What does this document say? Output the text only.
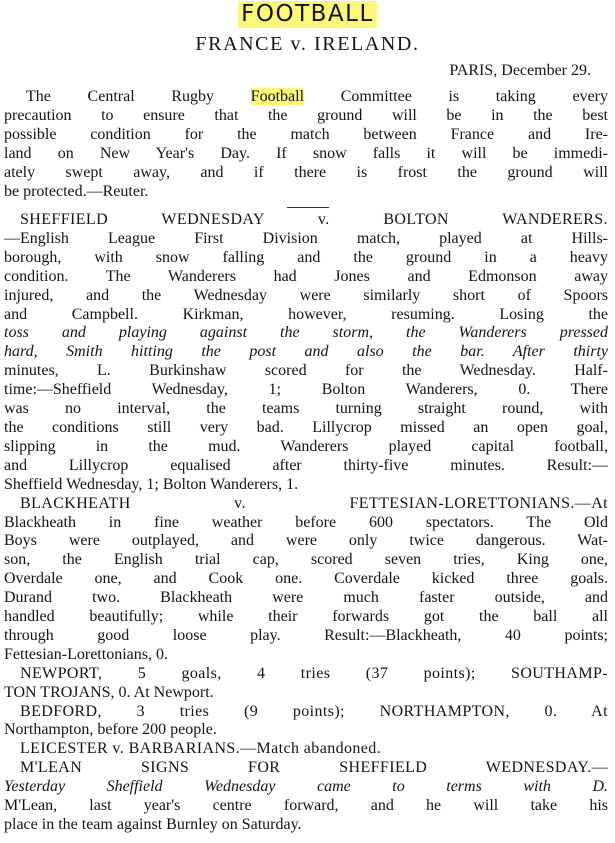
FOOTBALL
FRANCE v. IRELAND.
PARIS, December 29.
The Central Rugby Football Committee is taking every
precaution to ensure that the ground will be in the best
possible condition for the match between France and Ire-
land on New Year's Day. If snow falls it will be immedi-
ately swept away, and if there is frost the ground will
be protected.—Reuter.
SHEFFIELD WEDNESDAY v. BOLTON WANDERERS.
—English League First Division match, played at Hills-
borough, with snow falling and the ground in a heavy
condition. The Wanderers had Jones and Edmonson away
injured, and the Wednesday were similarly short of Spoors
and Campbell. Kirkman, however, resuming. Losing the
toss and playing against the storm, the Wanderers pressed
hard, Smith hitting the post and also the bar. After thirty
minutes, L. Burkinshaw scored for the Wednesday. Half-
time:—Sheffield Wednesday, 1; Bolton Wanderers, 0. There
was no interval, the teams turning straight round, with
the conditions still very bad. Lillycrop missed an open goal,
slipping in the mud. Wanderers played capital football,
and Lillycrop equalised after thirty-five minutes. Result:—
Sheffield Wednesday, 1; Bolton Wanderers, 1.
BLACKHEATH v. FETTESIAN-LORETTONIANS.—At
Blackheath in fine weather before 600 spectators. The Old
Boys were outplayed, and were only twice dangerous. Wat-
son, the English trial cap, scored seven tries, King one,
Overdale one, and Cook one. Coverdale kicked three goals.
Durand two. Blackheath were much faster outside, and
handled beautifully; while their forwards got the ball all
through good loose play. Result:—Blackheath, 40 points;
Fettesian-Lorettonians, 0.
NEWPORT, 5 goals, 4 tries (37 points); SOUTHAMP-
TON TROJANS, 0. At Newport.
BEDFORD, 3 tries (9 points); NORTHAMPTON, 0. At
Northampton, before 200 people.
LEICESTER v. BARBARIANS.—Match abandoned.
M'LEAN SIGNS FOR SHEFFIELD WEDNESDAY.—
Yesterday Sheffield Wednesday came to terms with D.
M'Lean, last year's centre forward, and he will take his
place in the team against Burnley on Saturday.
